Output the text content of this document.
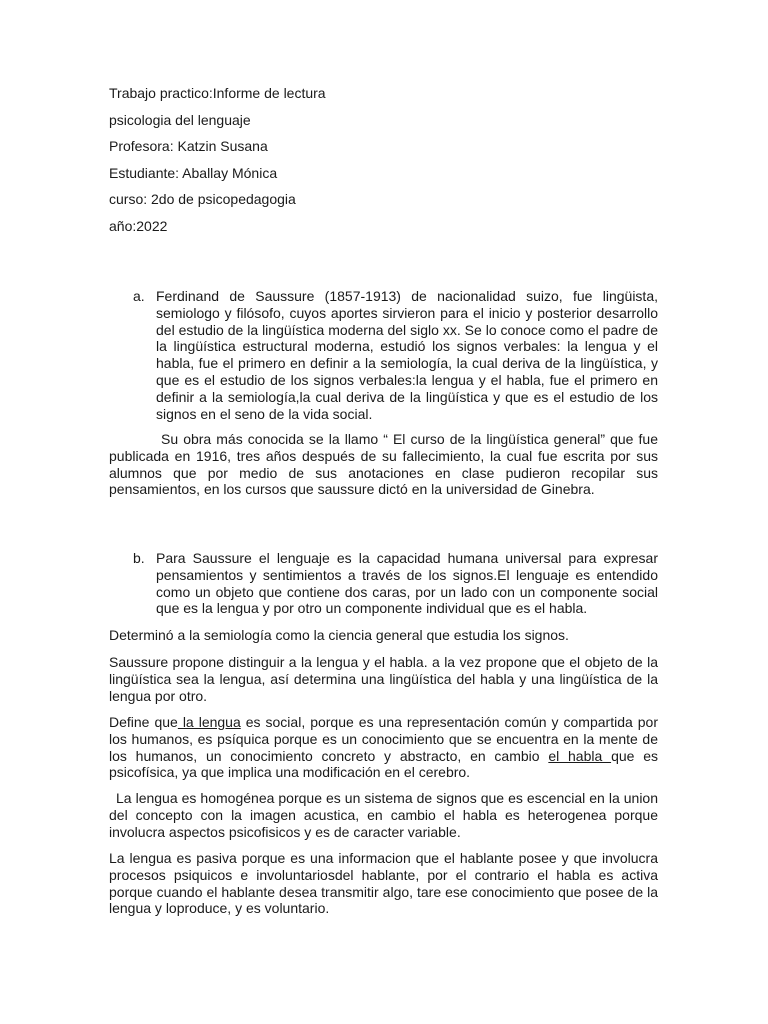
Trabajo practico:Informe de lectura
psicologia del lenguaje
Profesora: Katzin Susana
Estudiante: Aballay Mónica
curso: 2do de psicopedagogia
año:2022
a. Ferdinand de Saussure (1857-1913) de nacionalidad suizo, fue lingüista, semiologo y filósofo, cuyos aportes sirvieron para el inicio y posterior desarrollo del estudio de la lingüística moderna del siglo xx. Se lo conoce como el padre de la lingüística estructural moderna, estudió los signos verbales: la lengua y el habla, fue el primero en definir a la semiología, la cual deriva de la lingüística, y que es el estudio de los signos verbales:la lengua y el habla, fue el primero en definir a la semiología,la cual deriva de la lingüística y que es el estudio de los signos en el seno de la vida social.
Su obra más conocida se la llamo “ El curso de la lingüística general” que fue publicada en 1916, tres años después de su fallecimiento, la cual fue escrita por sus alumnos que por medio de sus anotaciones en clase pudieron recopilar sus pensamientos, en los cursos que saussure dictó en la universidad de Ginebra.
b. Para Saussure el lenguaje es la capacidad humana universal para expresar pensamientos y sentimientos a través de los signos.El lenguaje es entendido como un objeto que contiene dos caras, por un lado con un componente social que es la lengua y por otro un componente individual que es el habla.
Determinó a la semiología como la ciencia general que estudia los signos.
Saussure propone distinguir a la lengua y el habla. a la vez propone que el objeto de la lingüística sea la lengua, así determina una lingüística del habla y una lingüística de la lengua por otro.
Define que la lengua es social, porque es una representación común y compartida por los humanos, es psíquica porque es un conocimiento que se encuentra en la mente de los humanos, un conocimiento concreto y abstracto, en cambio el habla que es psicofísica, ya que implica una modificación en el cerebro.
La lengua es homogénea porque es un sistema de signos que es escencial en la union del concepto con la imagen acustica, en cambio el habla es heterogenea porque involucra aspectos psicofisicos y es de caracter variable.
La lengua es pasiva porque es una informacion que el hablante posee y que involucra procesos psiquicos e involuntariosdel hablante, por el contrario el habla es activa porque cuando el hablante desea transmitir algo, tare ese conocimiento que posee de la lengua y loproduce, y es voluntario.
